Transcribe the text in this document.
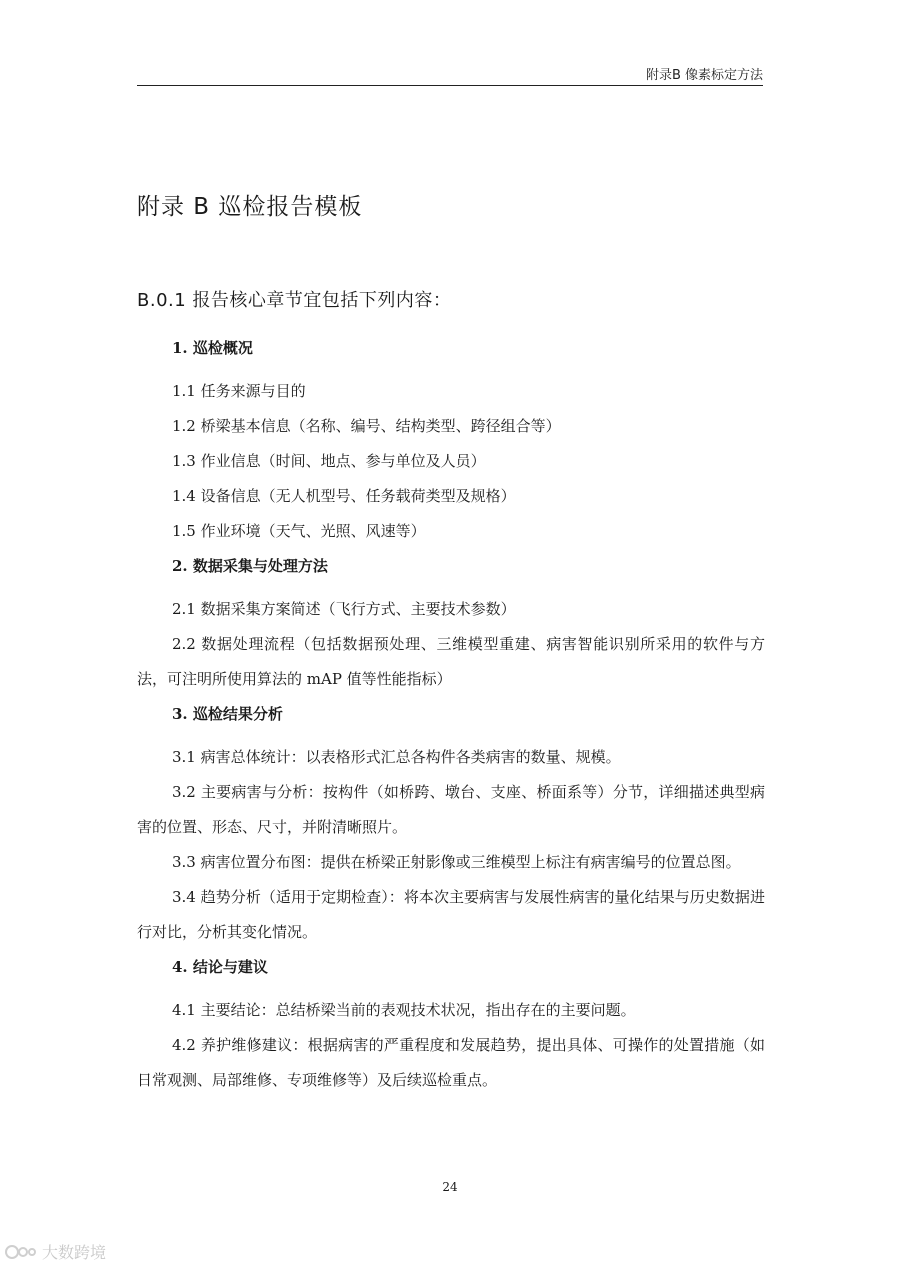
附录B 像素标定方法
附录 B 巡检报告模板
B.0.1 报告核心章节宜包括下列内容：
1. 巡检概况

1.1 任务来源与目的

1.2 桥梁基本信息（名称、编号、结构类型、跨径组合等）

1.3 作业信息（时间、地点、参与单位及人员）

1.4 设备信息（无人机型号、任务载荷类型及规格）

1.5 作业环境（天气、光照、风速等）

2. 数据采集与处理方法

2.1 数据采集方案简述（飞行方式、主要技术参数）

2.2 数据处理流程（包括数据预处理、三维模型重建、病害智能识别所采用的软件与方法，可注明所使用算法的 mAP 值等性能指标）

3. 巡检结果分析

3.1 病害总体统计：以表格形式汇总各构件各类病害的数量、规模。

3.2 主要病害与分析：按构件（如桥跨、墩台、支座、桥面系等）分节，详细描述典型病害的位置、形态、尺寸，并附清晰照片。

3.3 病害位置分布图：提供在桥梁正射影像或三维模型上标注有病害编号的位置总图。

3.4 趋势分析（适用于定期检查）：将本次主要病害与发展性病害的量化结果与历史数据进行对比，分析其变化情况。

4. 结论与建议

4.1 主要结论：总结桥梁当前的表观技术状况，指出存在的主要问题。

4.2 养护维修建议：根据病害的严重程度和发展趋势，提出具体、可操作的处置措施（如日常观测、局部维修、专项维修等）及后续巡检重点。

24
大数跨境
